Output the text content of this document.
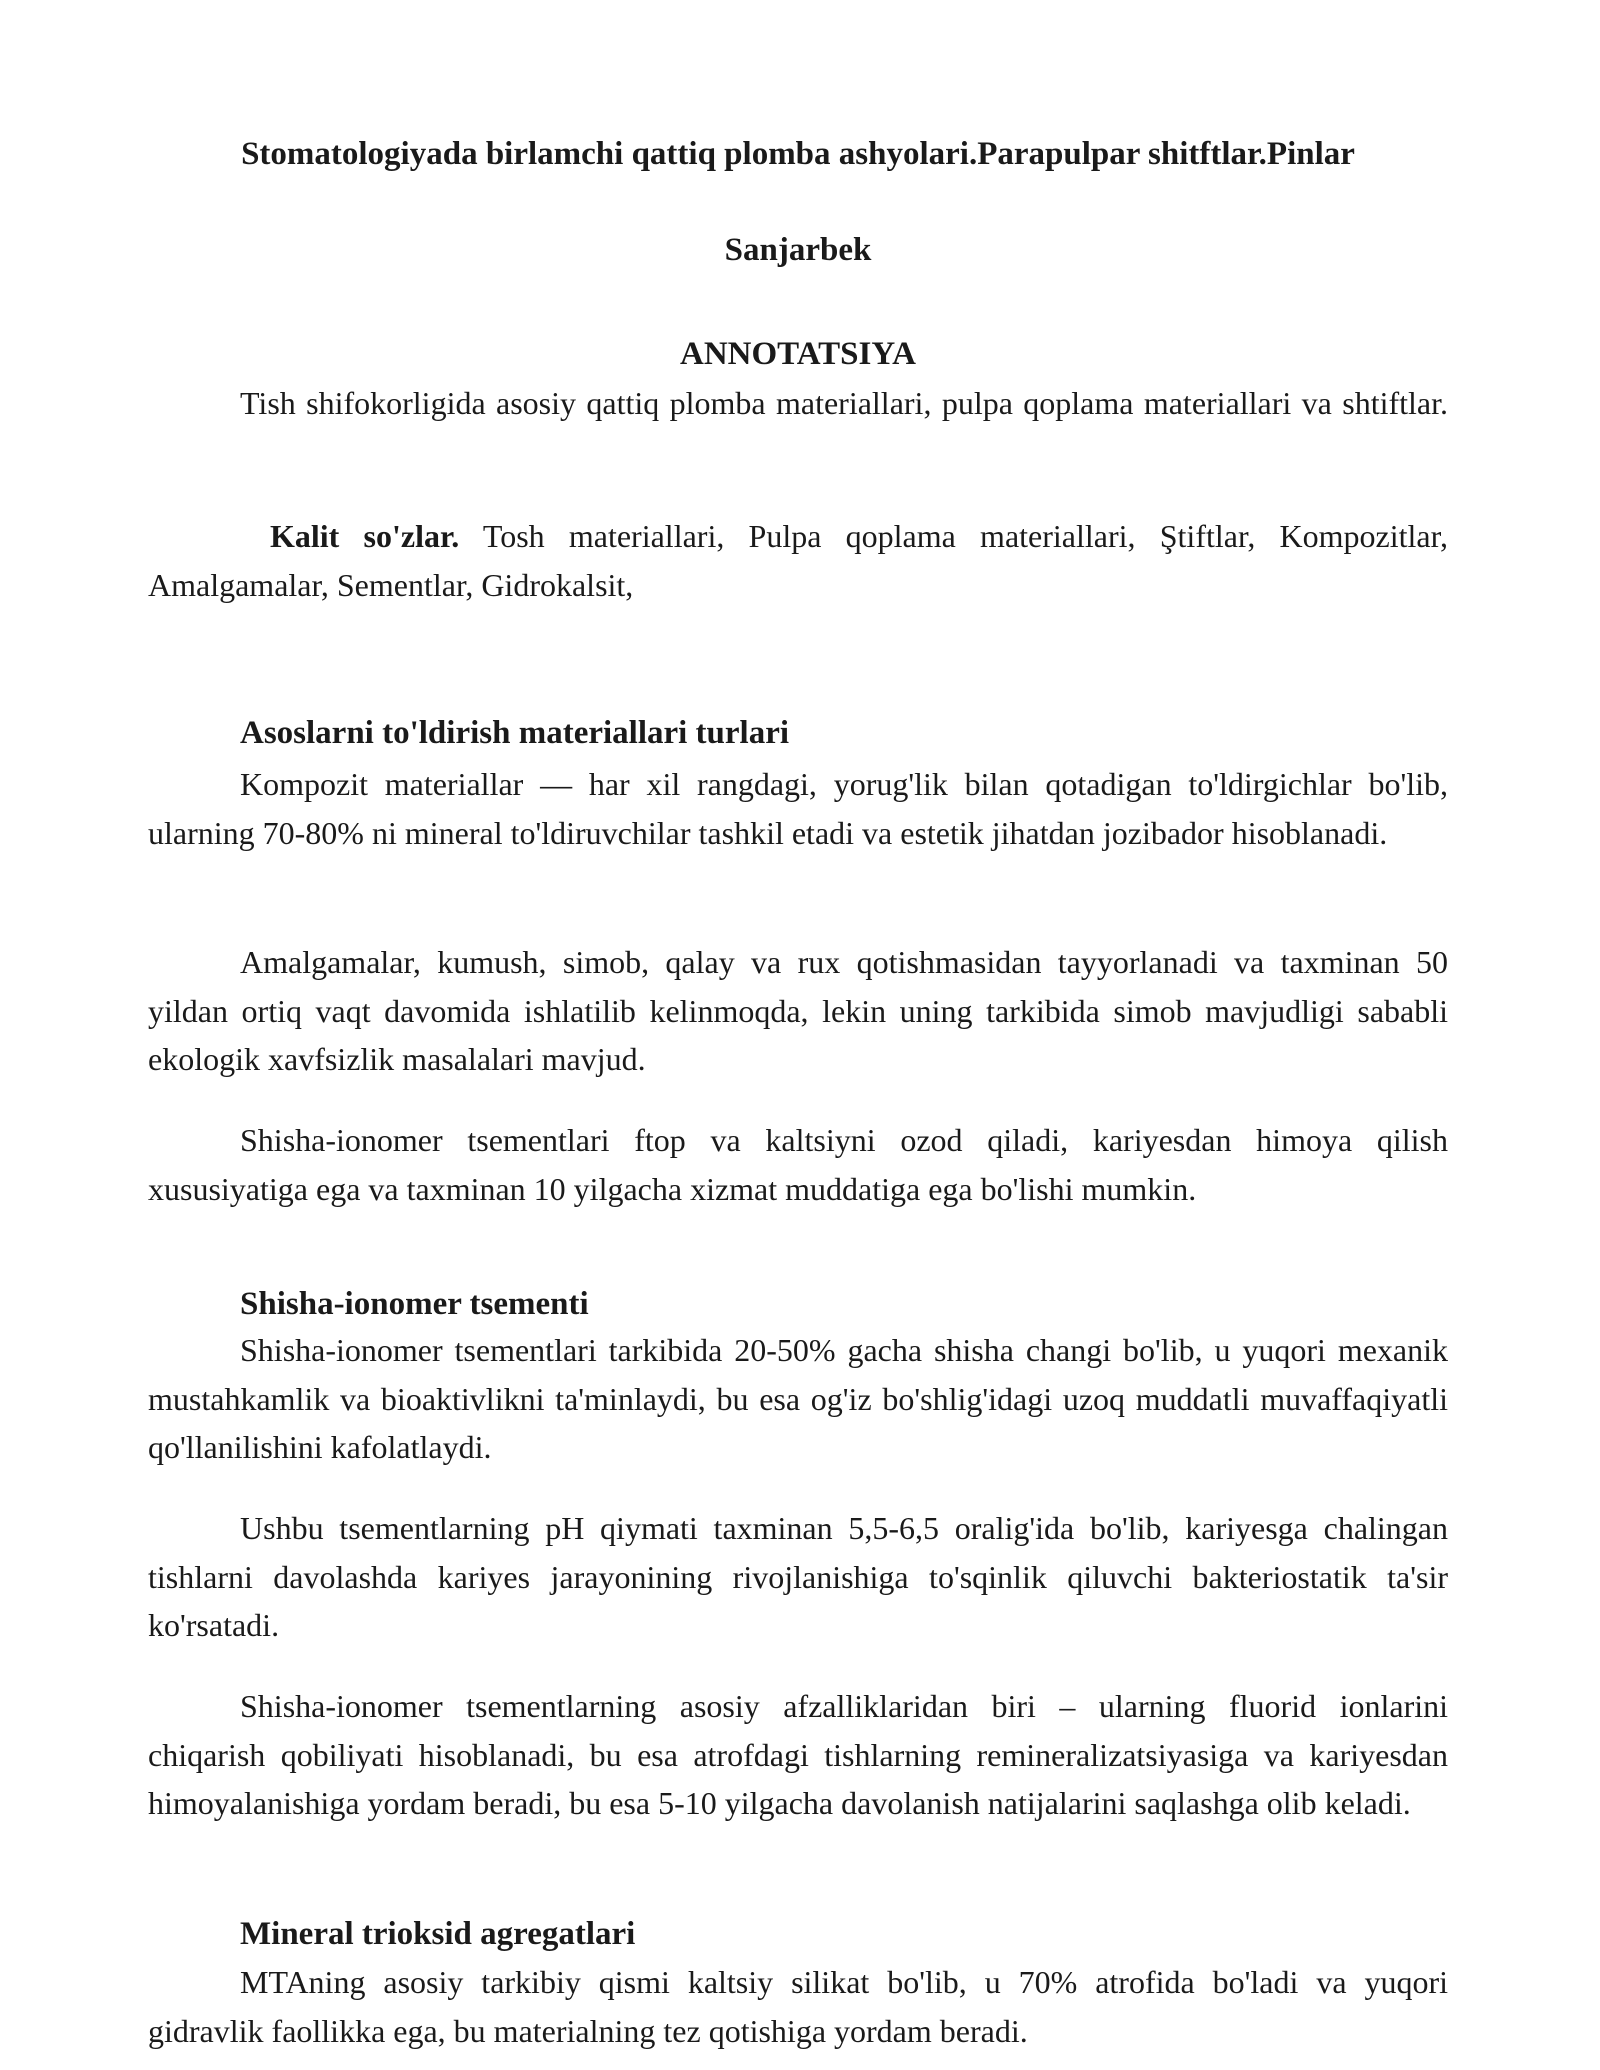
Stomatologiyada birlamchi qattiq plomba ashyolari.Parapulpar shitftlar.Pinlar

Sanjarbek

ANNOTATSIYA

Tish shifokorligida asosiy qattiq plomba materiallari, pulpa qoplama materiallari va shtiftlar.

Kalit so'zlar. Tosh materiallari, Pulpa qoplama materiallari, Ştiftlar, Kompozitlar, Amalgamalar, Sementlar, Gidrokalsit,

Asoslarni to'ldirish materiallari turlari

Kompozit materiallar — har xil rangdagi, yorug'lik bilan qotadigan to'ldirgichlar bo'lib, ularning 70-80% ni mineral to'ldiruvchilar tashkil etadi va estetik jihatdan jozibador hisoblanadi.

Amalgamalar, kumush, simob, qalay va rux qotishmasidan tayyorlanadi va taxminan 50 yildan ortiq vaqt davomida ishlatilib kelinmoqda, lekin uning tarkibida simob mavjudligi sababli ekologik xavfsizlik masalalari mavjud.

Shisha-ionomer tsementlari ftop va kaltsiyni ozod qiladi, kariyesdan himoya qilish xususiyatiga ega va taxminan 10 yilgacha xizmat muddatiga ega bo'lishi mumkin.

Shisha-ionomer tsementi

Shisha-ionomer tsementlari tarkibida 20-50% gacha shisha changi bo'lib, u yuqori mexanik mustahkamlik va bioaktivlikni ta'minlaydi, bu esa og'iz bo'shlig'idagi uzoq muddatli muvaffaqiyatli qo'llanilishini kafolatlaydi.

Ushbu tsementlarning pH qiymati taxminan 5,5-6,5 oralig'ida bo'lib, kariyesga chalingan tishlarni davolashda kariyes jarayonining rivojlanishiga to'sqinlik qiluvchi bakteriostatik ta'sir ko'rsatadi.

Shisha-ionomer tsementlarning asosiy afzalliklaridan biri – ularning fluorid ionlarini chiqarish qobiliyati hisoblanadi, bu esa atrofdagi tishlarning remineralizatsiyasiga va kariyesdan himoyalanishiga yordam beradi, bu esa 5-10 yilgacha davolanish natijalarini saqlashga olib keladi.

Mineral trioksid agregatlari

MTAning asosiy tarkibiy qismi kaltsiy silikat bo'lib, u 70% atrofida bo'ladi va yuqori gidravlik faollikka ega, bu materialning tez qotishiga yordam beradi.
